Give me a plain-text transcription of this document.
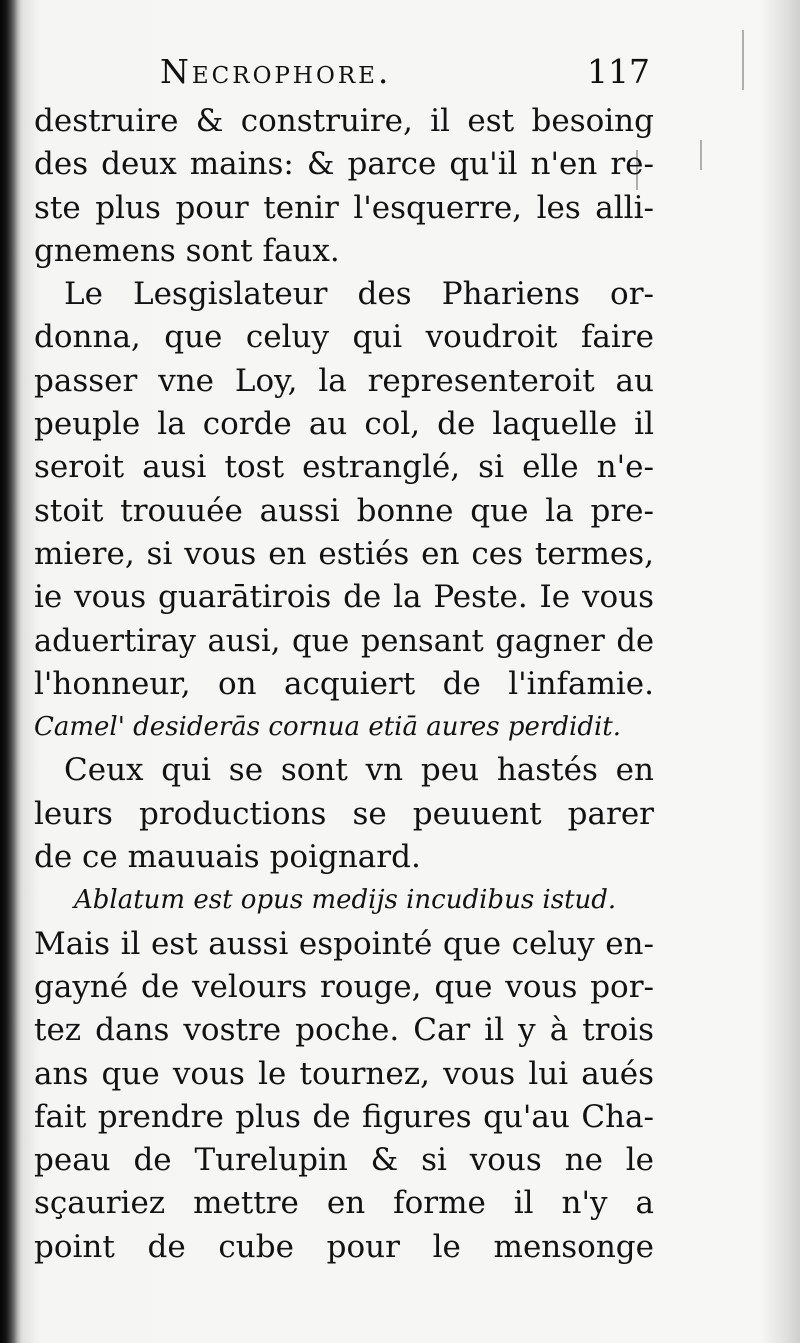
Necrophore.	117
destruire & construire, il est besoing
des deux mains: & parce qu'il n'en re-
ste plus pour tenir l'esquerre, les alli-
gnemens sont faux.
Le Lesgislateur des Phariens or-
donna, que celuy qui voudroit faire
passer vne Loy, la representeroit au
peuple la corde au col, de laquelle il
seroit ausi tost estranglé, si elle n'e-
stoit trouuée aussi bonne que la pre-
miere, si vous en estiés en ces termes,
ie vous guarātirois de la Peste. Ie vous
aduertiray ausi, que pensant gagner de
l'honneur, on acquiert de l'infamie.
Camel' desiderās cornua etiā aures perdidit.
Ceux qui se sont vn peu hastés en
leurs productions se peuuent parer
de ce mauuais poignard.
Ablatum est opus medijs incudibus istud.
Mais il est aussi espointé que celuy en-
gayné de velours rouge, que vous por-
tez dans vostre poche. Car il y à trois
ans que vous le tournez, vous lui aués
fait prendre plus de figures qu'au Cha-
peau de Turelupin & si vous ne le
sçauriez mettre en forme il n'y a
point de cube pour le mensonge
